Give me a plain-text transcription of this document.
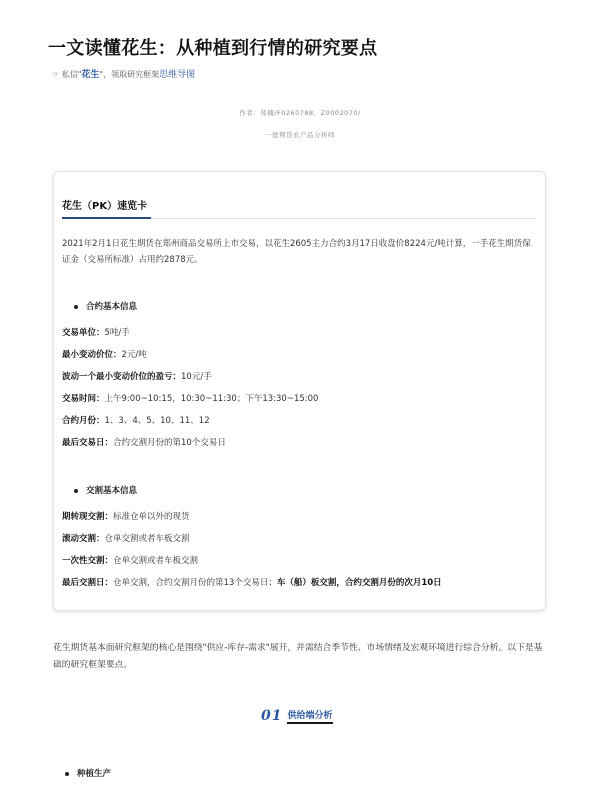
一文读懂花生：从种植到行情的研究要点
☞ 私信"花生"，领取研究框架思维导图
作者：郑楠/F0260788、Z0002070/
一德期货农产品分析师
花生（PK）速览卡
2021年2月1日花生期货在郑州商品交易所上市交易，以花生2605主力合约3月17日收盘价8224元/吨计算，一手花生期货保证金（交易所标准）占用约2878元。
合约基本信息
交易单位：5吨/手
最小变动价位：2元/吨
波动一个最小变动价位的盈亏：10元/手
交易时间：上午9:00~10:15，10:30~11:30；下午13:30~15:00
合约月份：1、3、4、5、10、11、12
最后交易日：合约交割月份的第10个交易日
交割基本信息
期转现交割：标准仓单以外的现货
滚动交割：仓单交割或者车板交割
一次性交割：仓单交割或者车板交割
最后交割日：仓单交割，合约交割月份的第13个交易日；车（船）板交割，合约交割月份的次月10日
花生期货基本面研究框架的核心是围绕"供应-库存-需求"展开，并需结合季节性、市场情绪及宏观环境进行综合分析。以下是基础的研究框架要点。
01 供给端分析
种植生产
